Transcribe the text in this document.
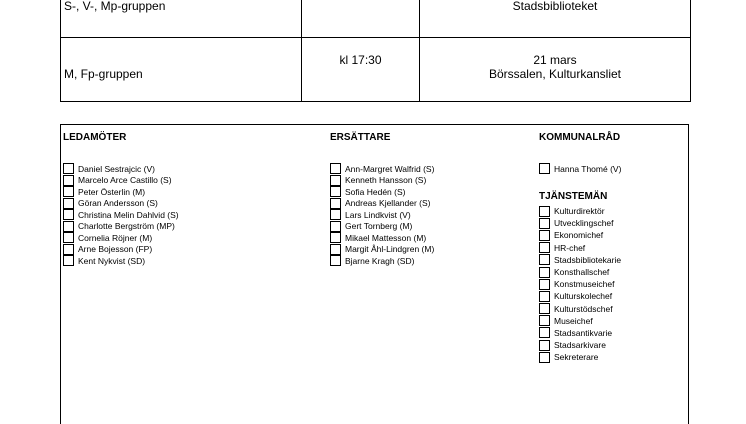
S-, V-, Mp-gruppen		Stadsbiblioteket

M, Fp-gruppen	kl 17:30	21 mars
Börssalen, Kulturkansliet
LEDAMÖTER
Daniel Sestrajcic (V)
Marcelo Arce Castillo (S)
Peter Österlin (M)
Göran Andersson (S)
Christina Melin Dahlvid (S)
Charlotte Bergström (MP)
Cornelia Röjner (M)
Arne Bojesson (FP)
Kent Nykvist (SD)
ERSÄTTARE
Ann-Margret Walfrid (S)
Kenneth Hansson (S)
Sofia Hedén (S)
Andreas Kjellander (S)
Lars Lindkvist (V)
Gert Tornberg (M)
Mikael Mattesson (M)
Margit Åhl-Lindgren (M)
Bjarne Kragh (SD)
KOMMUNALRÅD
Hanna Thomé (V)
TJÄNSTEMÄN
Kulturdirektör
Utvecklingschef
Ekonomichef
HR-chef
Stadsbibliotekarie
Konsthallschef
Konstmuseichef
Kulturskolechef
Kulturstödschef
Museichef
Stadsantikvarie
Stadsarkivare
Sekreterare
